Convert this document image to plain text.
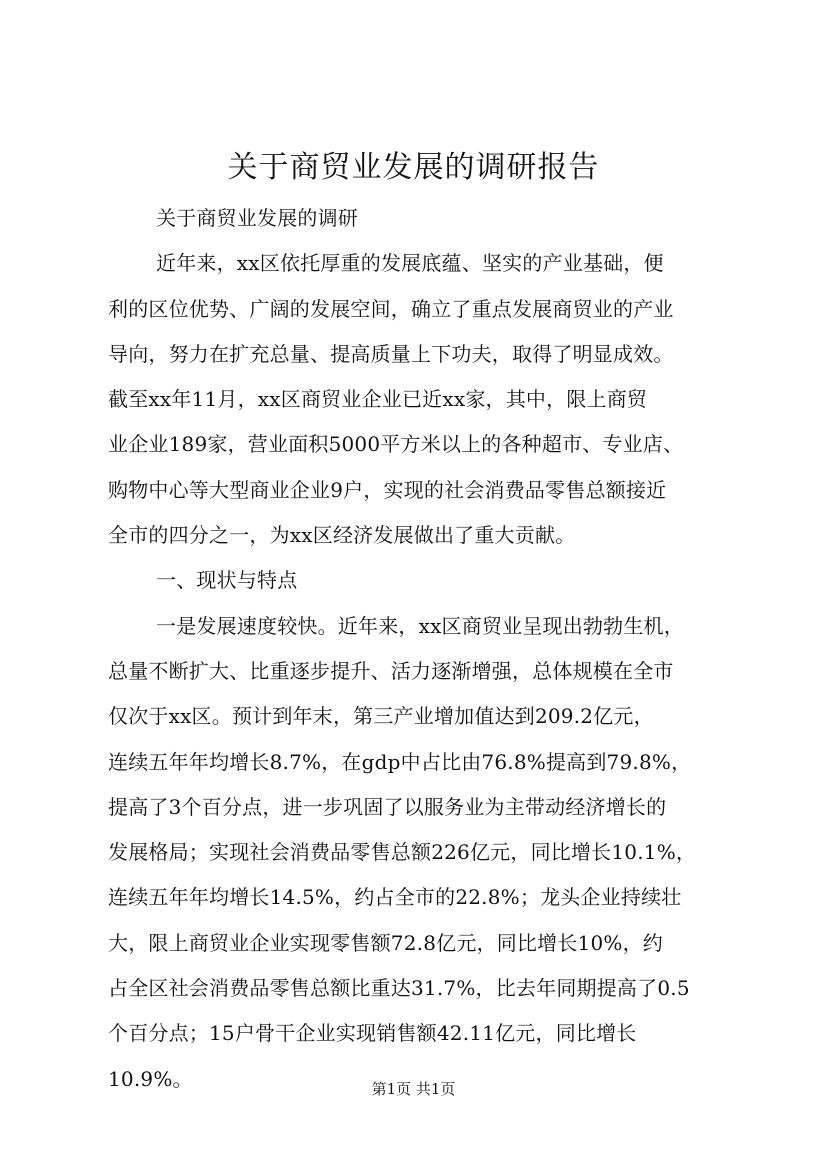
关于商贸业发展的调研报告
关于商贸业发展的调研
近年来，xx区依托厚重的发展底蕴、坚实的产业基础，便
利的区位优势、广阔的发展空间，确立了重点发展商贸业的产业
导向，努力在扩充总量、提高质量上下功夫，取得了明显成效。
截至xx年11月，xx区商贸业企业已近xx家，其中，限上商贸
业企业189家，营业面积5000平方米以上的各种超市、专业店、
购物中心等大型商业企业9户，实现的社会消费品零售总额接近
全市的四分之一，为xx区经济发展做出了重大贡献。
一、现状与特点
一是发展速度较快。近年来，xx区商贸业呈现出勃勃生机，
总量不断扩大、比重逐步提升、活力逐渐增强，总体规模在全市
仅次于xx区。预计到年末，第三产业增加值达到209.2亿元，
连续五年年均增长8.7%，在gdp中占比由76.8%提高到79.8%，
提高了3个百分点，进一步巩固了以服务业为主带动经济增长的
发展格局；实现社会消费品零售总额226亿元，同比增长10.1%，
连续五年年均增长14.5%，约占全市的22.8%；龙头企业持续壮
大，限上商贸业企业实现零售额72.8亿元，同比增长10%，约
占全区社会消费品零售总额比重达31.7%，比去年同期提高了0.5
个百分点；15户骨干企业实现销售额42.11亿元，同比增长
10.9%。	第1页 共1页
